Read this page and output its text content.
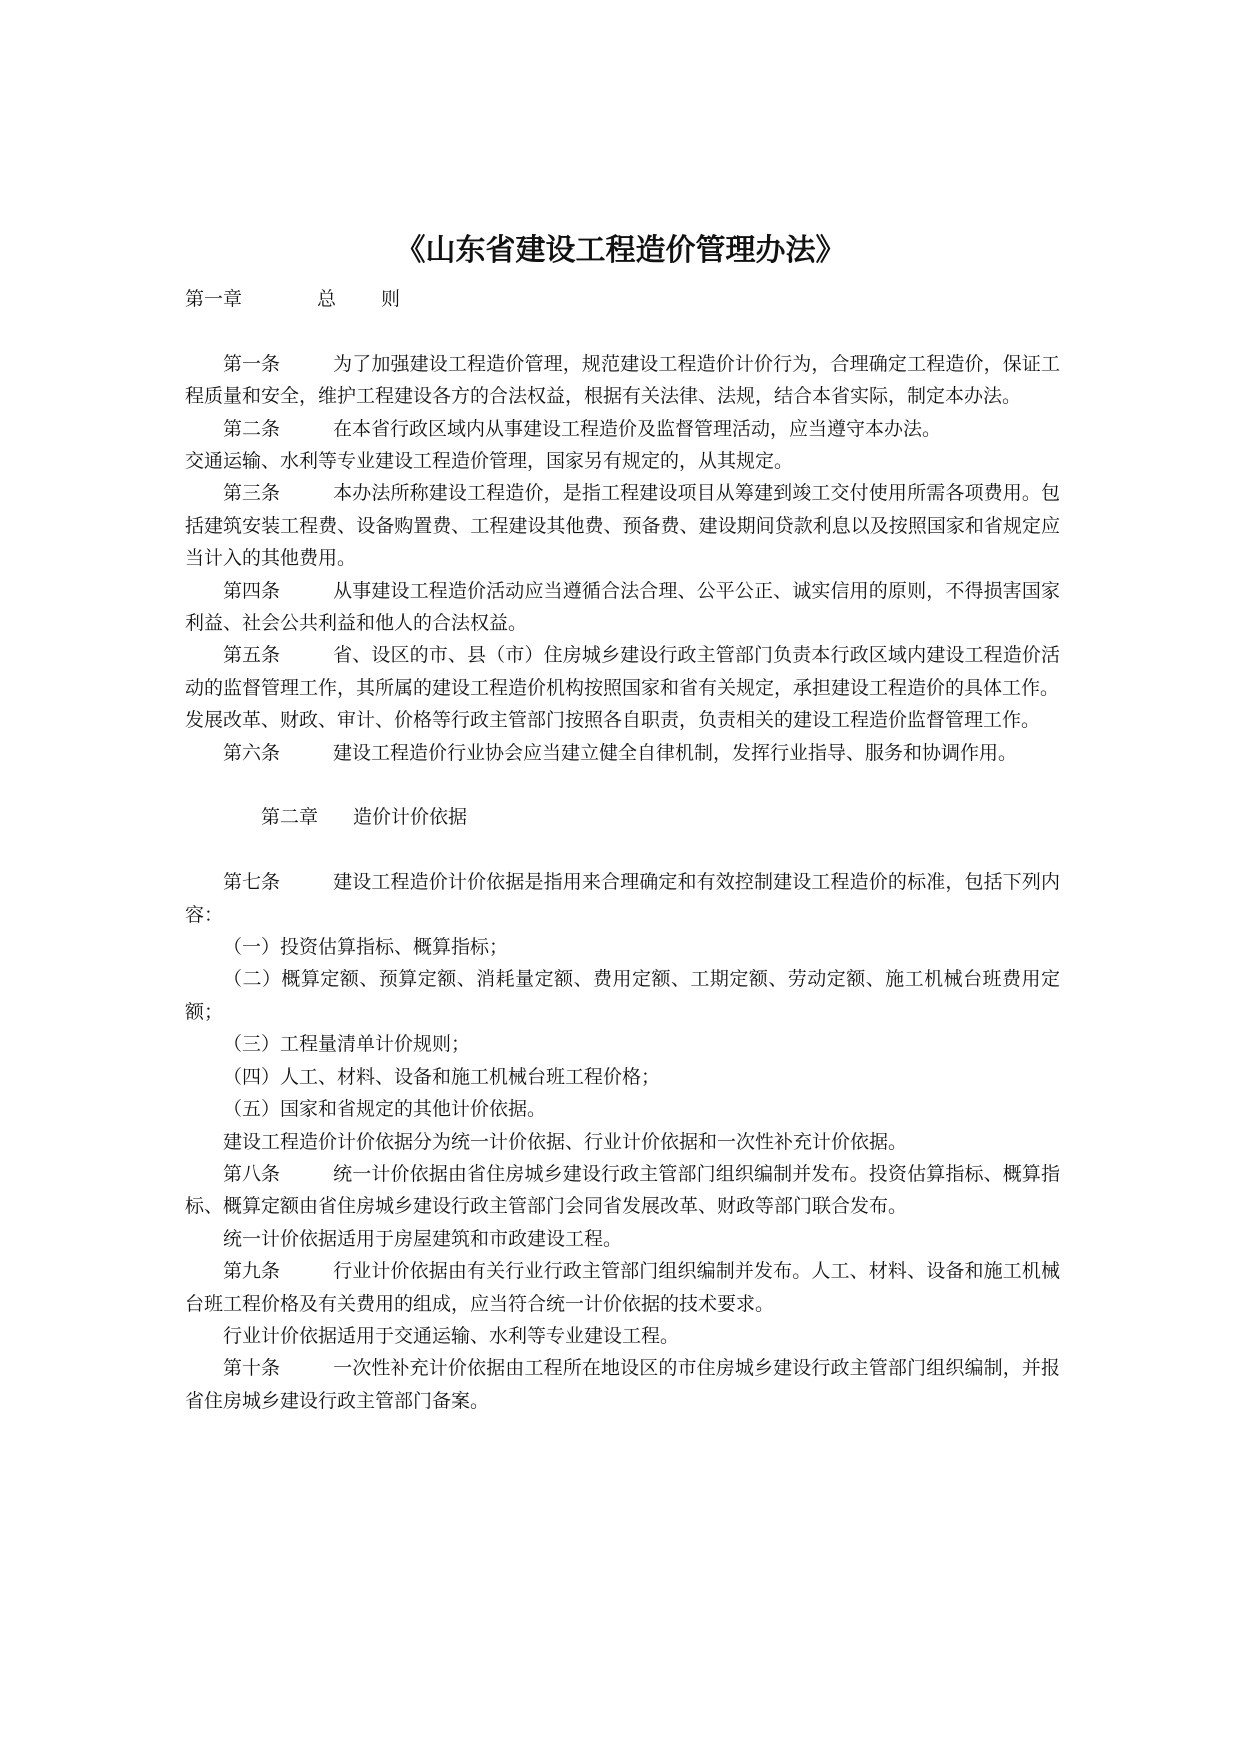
《山东省建设工程造价管理办法》

第一章	总 则

第一条	为了加强建设工程造价管理，规范建设工程造价计价行为，合理确定工程造价，保证工程质量和安全，维护工程建设各方的合法权益，根据有关法律、法规，结合本省实际，制定本办法。

第二条	在本省行政区域内从事建设工程造价及监督管理活动，应当遵守本办法。

交通运输、水利等专业建设工程造价管理，国家另有规定的，从其规定。

第三条	本办法所称建设工程造价，是指工程建设项目从筹建到竣工交付使用所需各项费用。包括建筑安装工程费、设备购置费、工程建设其他费、预备费、建设期间贷款利息以及按照国家和省规定应当计入的其他费用。

第四条	从事建设工程造价活动应当遵循合法合理、公平公正、诚实信用的原则，不得损害国家利益、社会公共利益和他人的合法权益。

第五条	省、设区的市、县（市）住房城乡建设行政主管部门负责本行政区域内建设工程造价活动的监督管理工作，其所属的建设工程造价机构按照国家和省有关规定，承担建设工程造价的具体工作。

发展改革、财政、审计、价格等行政主管部门按照各自职责，负责相关的建设工程造价监督管理工作。

第六条	建设工程造价行业协会应当建立健全自律机制，发挥行业指导、服务和协调作用。

第二章 造价计价依据

第七条	建设工程造价计价依据是指用来合理确定和有效控制建设工程造价的标准，包括下列内容：

（一）投资估算指标、概算指标；

（二）概算定额、预算定额、消耗量定额、费用定额、工期定额、劳动定额、施工机械台班费用定额；

（三）工程量清单计价规则；

（四）人工、材料、设备和施工机械台班工程价格；

（五）国家和省规定的其他计价依据。

建设工程造价计价依据分为统一计价依据、行业计价依据和一次性补充计价依据。

第八条	统一计价依据由省住房城乡建设行政主管部门组织编制并发布。投资估算指标、概算指标、概算定额由省住房城乡建设行政主管部门会同省发展改革、财政等部门联合发布。

统一计价依据适用于房屋建筑和市政建设工程。

第九条	行业计价依据由有关行业行政主管部门组织编制并发布。人工、材料、设备和施工机械台班工程价格及有关费用的组成，应当符合统一计价依据的技术要求。

行业计价依据适用于交通运输、水利等专业建设工程。

第十条	一次性补充计价依据由工程所在地设区的市住房城乡建设行政主管部门组织编制，并报省住房城乡建设行政主管部门备案。
